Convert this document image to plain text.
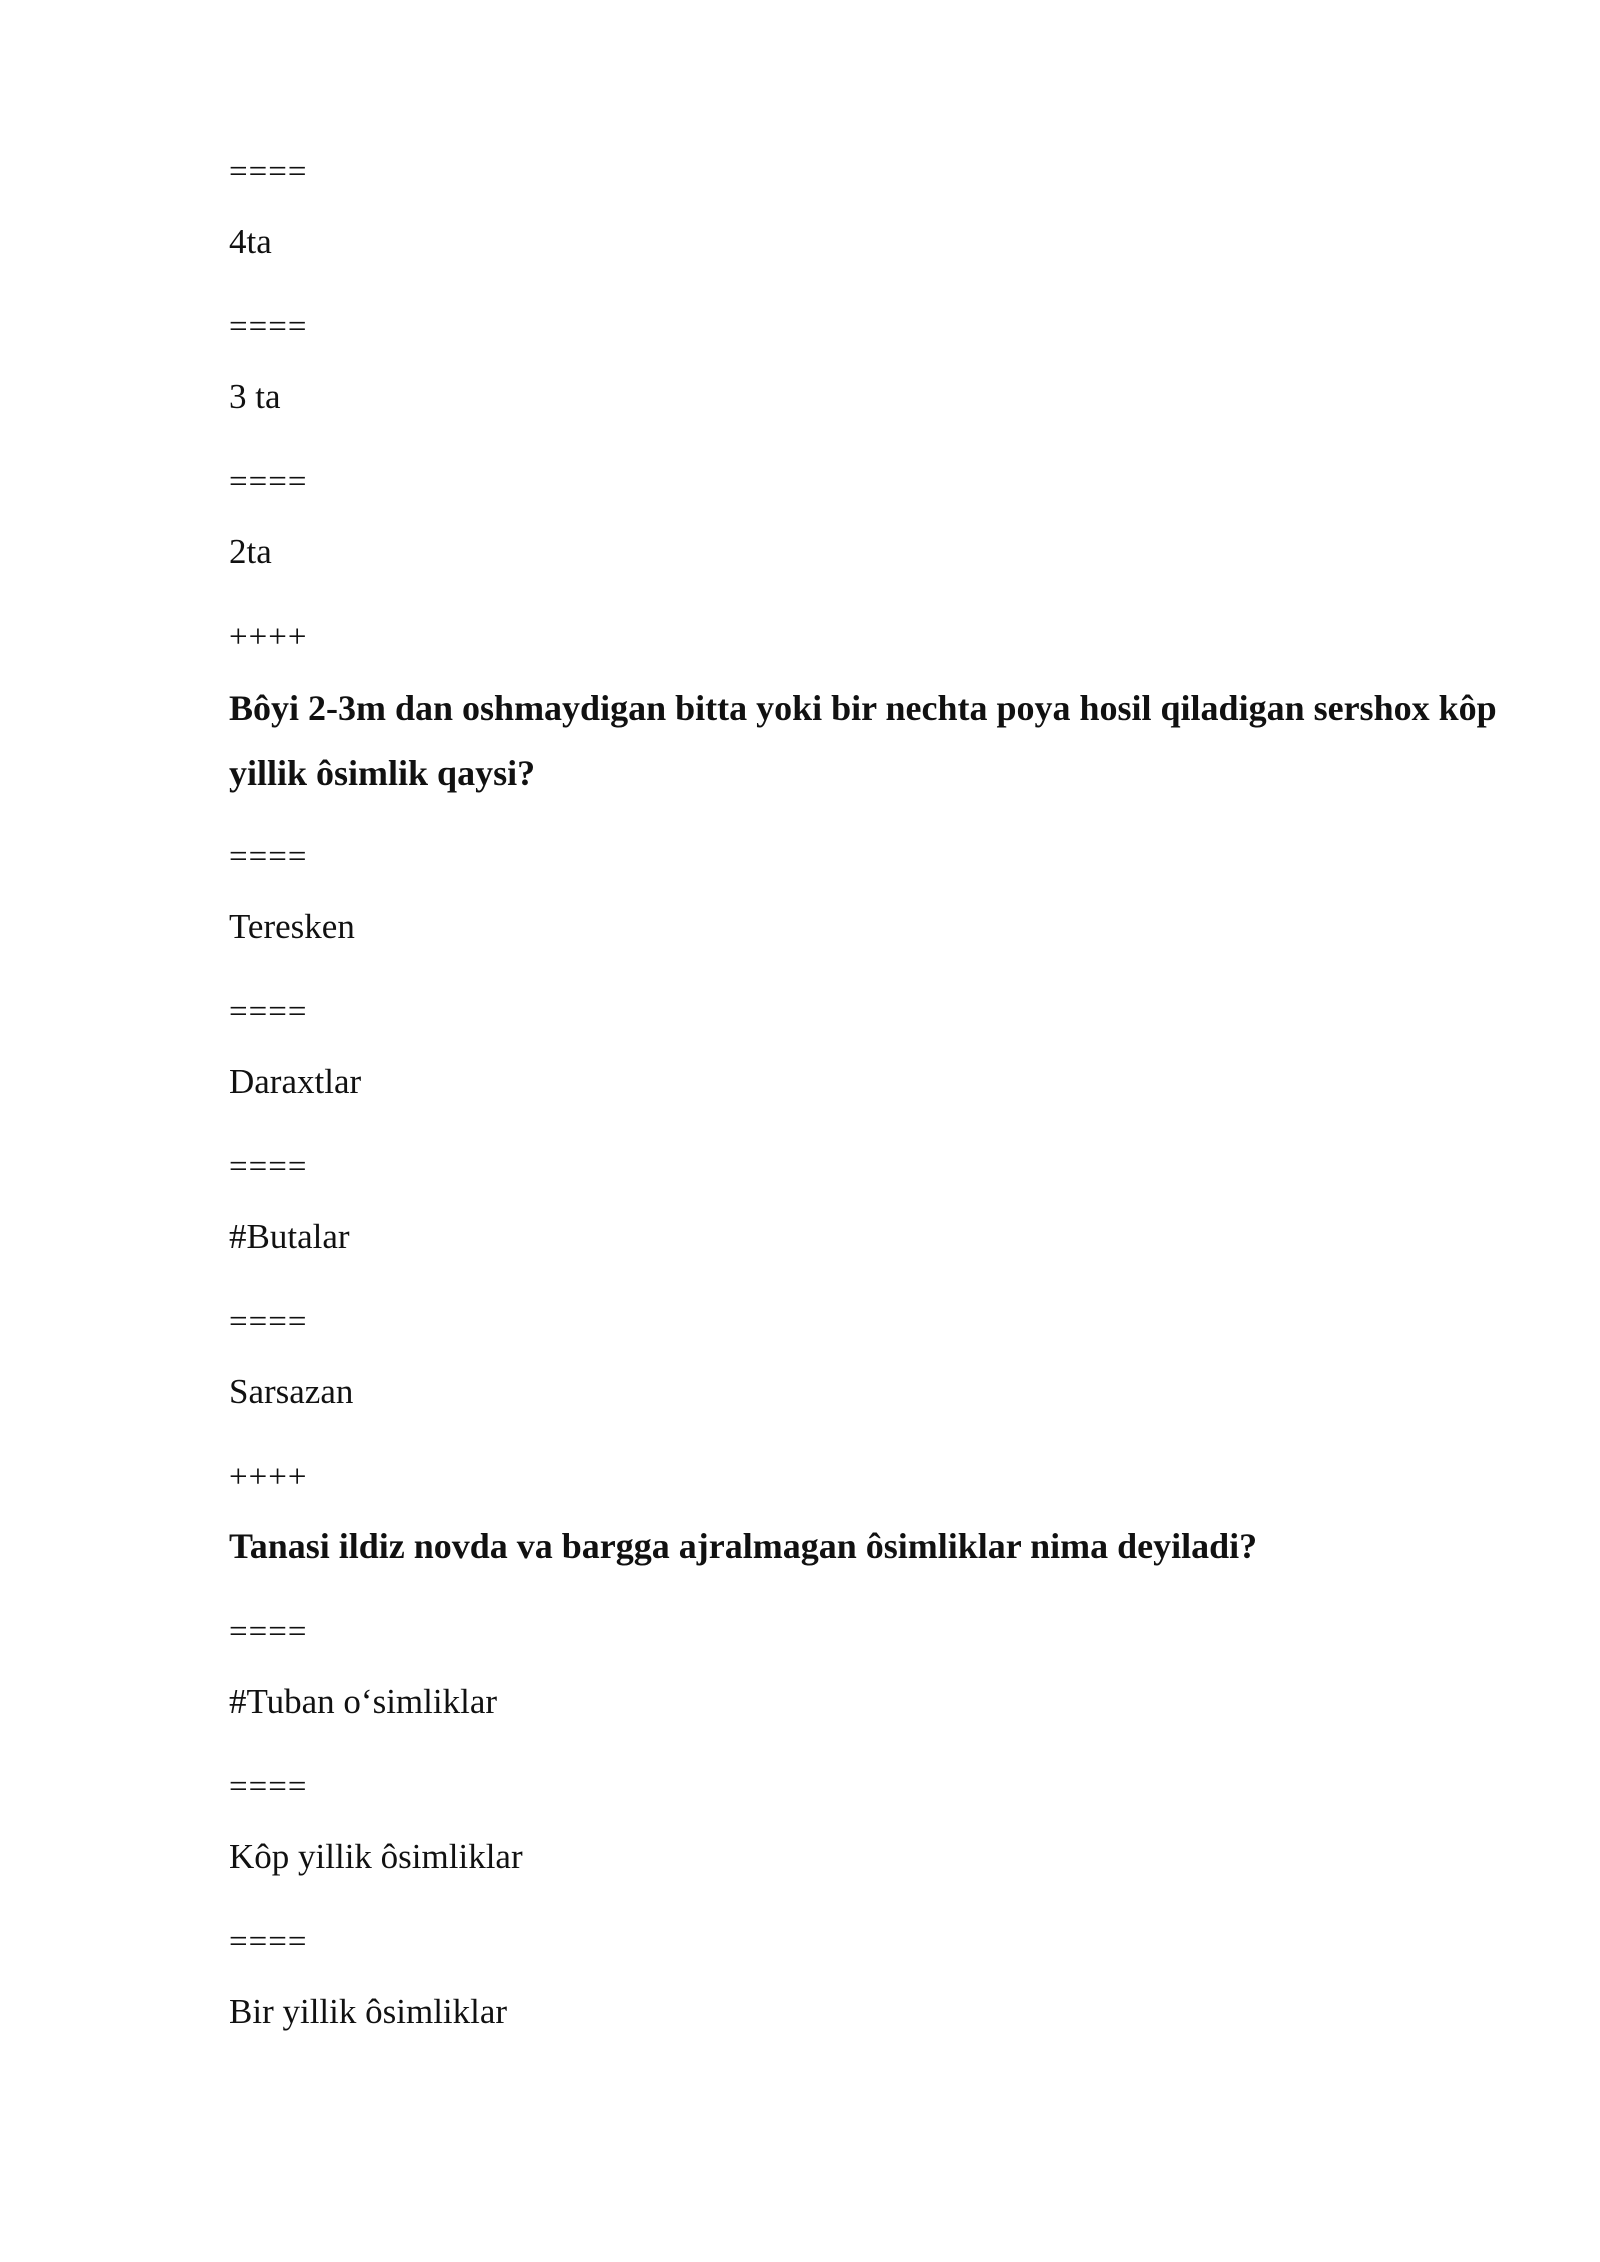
====
4ta
====
3 ta
====
2ta
++++
Bôyi 2-3m dan oshmaydigan bitta yoki bir nechta poya hosil qiladigan sershox kôp yillik ôsimlik qaysi?
====
Teresken
====
Daraxtlar
====
#Butalar
====
Sarsazan
++++
Tanasi ildiz novda va bargga ajralmagan ôsimliklar nima deyiladi?
====
#Tuban o‘simliklar
====
Kôp yillik ôsimliklar
====
Bir yillik ôsimliklar
